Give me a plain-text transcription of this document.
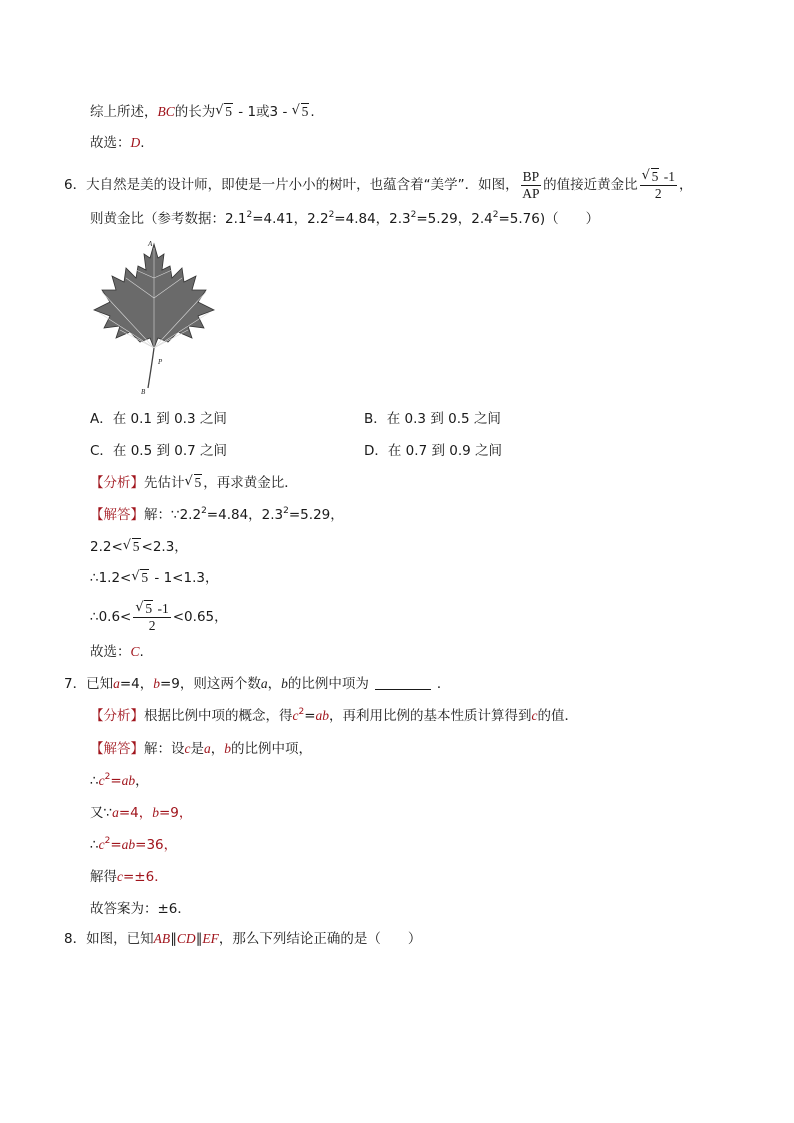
综上所述，BC的长为 √ 5 - 1或3 - √ 5 .
故选：D.
6．大自然是美的设计师，即使是一片小小的树叶，也蕴含着“美学”．如图， $\frac{BP}{AP}$ 的值接近黄金比 $\frac{√ 5 -1}{2}$ ，
则黄金比（参考数据：$2.1^2=4.41$，$2.2^2=4.84$，$2.3^2=5.29$，$2.4^2=5.76$)（　　）
A
P
B
A．在 0.1 到 0.3 之间	B．在 0.3 到 0.5 之间
C．在 0.5 到 0.7 之间	D．在 0.7 到 0.9 之间
【分析】先估计 √ 5 ，再求黄金比．
【解答】解：$\because 2.2^2=4.84$，$2.3^2=5.29$，
2.2< √ 5 <2.3，
∴1.2< √ 5 - 1<1.3，
∴0.6< $\frac{√ 5 -1}{2} <0.65$，
故选：C.
7．已知a=4，b=9，则这两个数a，b的比例中项为	．
【分析】根据比例中项的概念，得$c^2=ab$，再利用比例的基本性质计算得到c的值．
【解答】解：设c是a，b的比例中项，
$\therefore c^2=ab$，
又∵a=4，b=9，
$\therefore c^2=ab=36$，
解得c=±6．
故答案为：±6．
8．如图，已知AB∥CD∥EF，那么下列结论正确的是（　　）
